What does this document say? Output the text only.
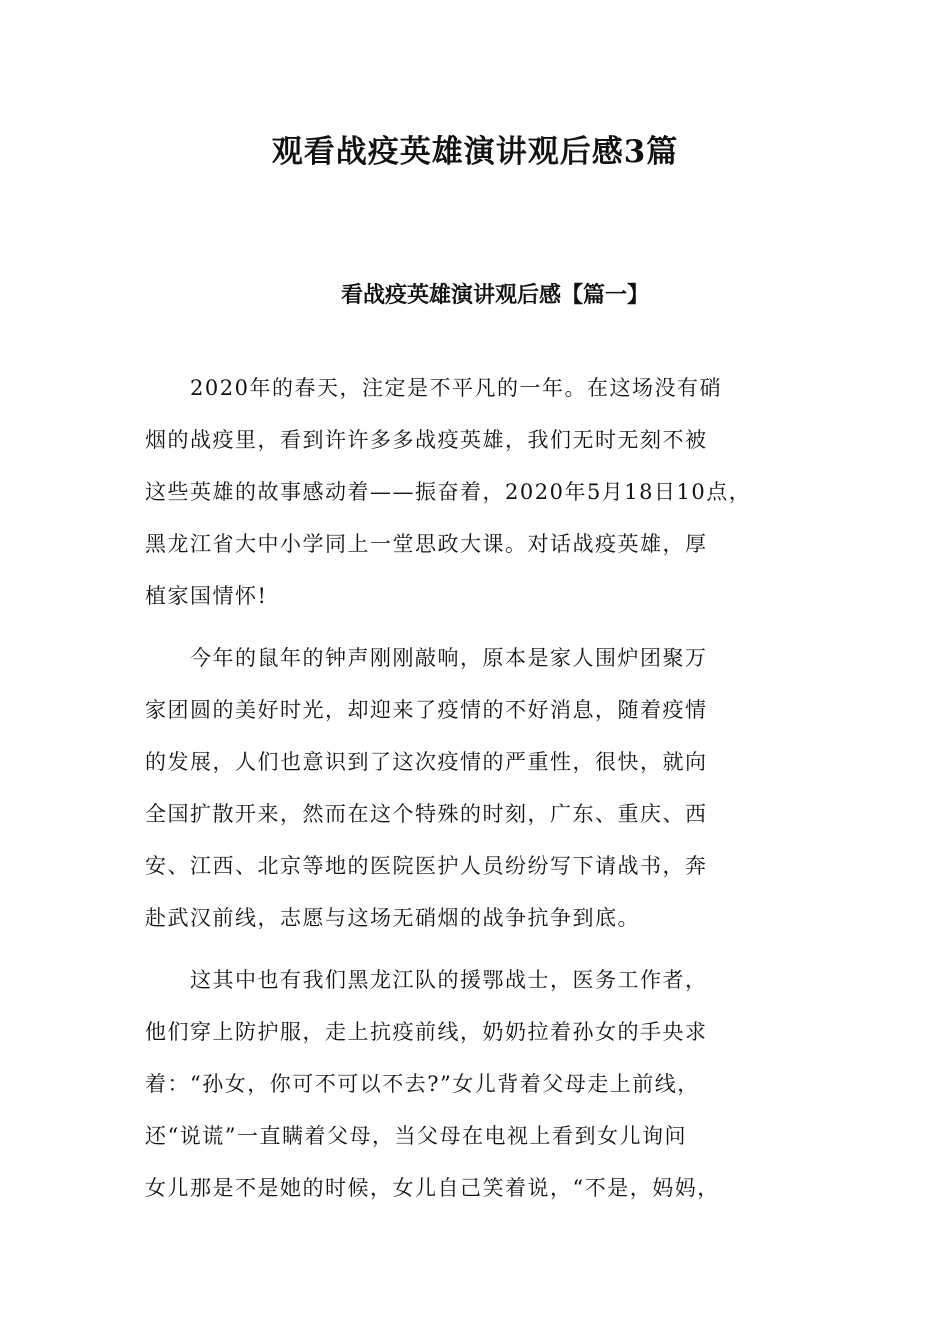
观看战疫英雄演讲观后感3篇
看战疫英雄演讲观后感【篇一】
　　2020年的春天，注定是不平凡的一年。在这场没有硝
烟的战疫里，看到许许多多战疫英雄，我们无时无刻不被
这些英雄的故事感动着——振奋着，2020年5月18日10点，
黑龙江省大中小学同上一堂思政大课。对话战疫英雄，厚
植家国情怀!
　　今年的鼠年的钟声刚刚敲响，原本是家人围炉团聚万
家团圆的美好时光，却迎来了疫情的不好消息，随着疫情
的发展，人们也意识到了这次疫情的严重性，很快，就向
全国扩散开来，然而在这个特殊的时刻，广东、重庆、西
安、江西、北京等地的医院医护人员纷纷写下请战书，奔
赴武汉前线，志愿与这场无硝烟的战争抗争到底。
　　这其中也有我们黑龙江队的援鄂战士，医务工作者，
他们穿上防护服，走上抗疫前线，奶奶拉着孙女的手央求
着：“孙女，你可不可以不去?”女儿背着父母走上前线，
还“说谎”一直瞒着父母，当父母在电视上看到女儿询问
女儿那是不是她的时候，女儿自己笑着说，“不是，妈妈，
